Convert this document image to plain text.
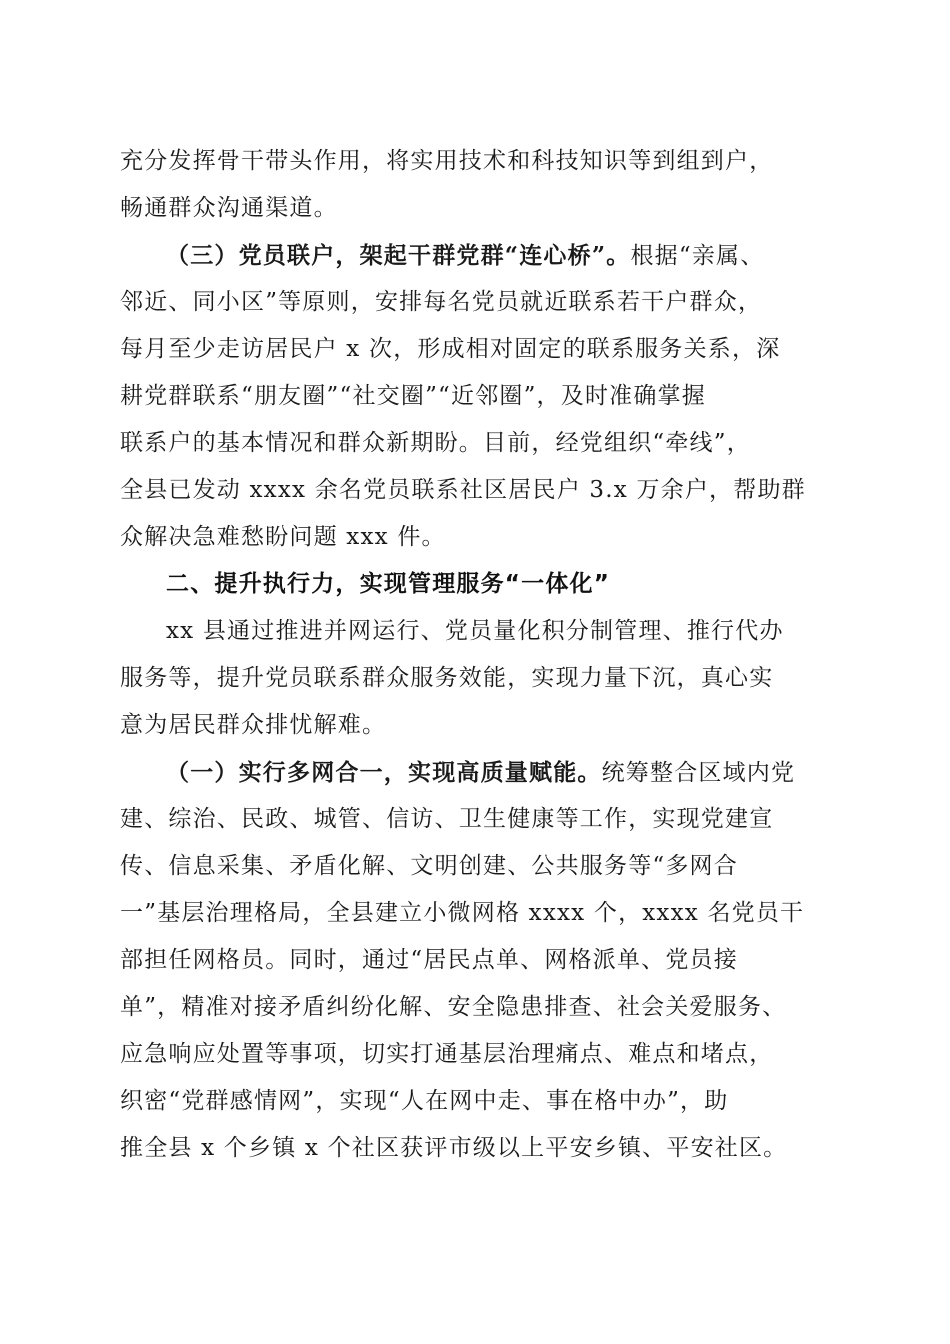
充分发挥骨干带头作用，将实用技术和科技知识等到组到户，
畅通群众沟通渠道。
（三）党员联户，架起干群党群“连心桥”。根据“亲属、
邻近、同小区”等原则，安排每名党员就近联系若干户群众，
每月至少走访居民户 x 次，形成相对固定的联系服务关系，深
耕党群联系“朋友圈”“社交圈”“近邻圈”，及时准确掌握
联系户的基本情况和群众新期盼。目前，经党组织“牵线”，
全县已发动 xxxx 余名党员联系社区居民户 3.x 万余户，帮助群
众解决急难愁盼问题 xxx 件。
二、提升执行力，实现管理服务“一体化”
xx 县通过推进并网运行、党员量化积分制管理、推行代办
服务等，提升党员联系群众服务效能，实现力量下沉，真心实
意为居民群众排忧解难。
（一）实行多网合一，实现高质量赋能。统筹整合区域内党
建、综治、民政、城管、信访、卫生健康等工作，实现党建宣
传、信息采集、矛盾化解、文明创建、公共服务等“多网合
一”基层治理格局，全县建立小微网格 xxxx 个，xxxx 名党员干
部担任网格员。同时，通过“居民点单、网格派单、党员接
单”，精准对接矛盾纠纷化解、安全隐患排查、社会关爱服务、
应急响应处置等事项，切实打通基层治理痛点、难点和堵点，
织密“党群感情网”，实现“人在网中走、事在格中办”，助
推全县 x 个乡镇 x 个社区获评市级以上平安乡镇、平安社区。
